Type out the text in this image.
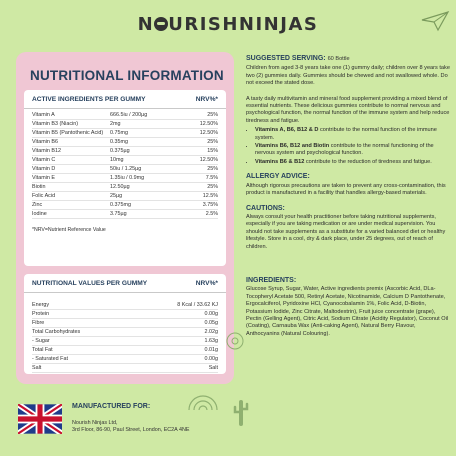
N URISHNINJAS
NUTRITIONAL INFORMATION
ACTIVE INGREDIENTS PER GUMMY	NRV%*
Vitamin A	666.5iu / 200µg	25%
Vitamin B3 (Niacin)	2mg	12.50%
Vitamin B5 (Pantothenic Acid)	0.75mg	12.50%
Vitamin B6	0.35mg	25%
Vitamin B12	0.375µg	15%
Vitamin C	10mg	12.50%
Vitamin D	50iu / 1.25µg	25%
Vitamin E	1.35iu / 0.9mg	7.5%
Biotin	12.50µg	25%
Folic Acid	25µg	12.5%
Zinc	0.375mg	3.75%
Iodine	3.75µg	2.5%
*NRV=Nutrient Reference Value
NUTRITIONAL VALUES PER GUMMY	NRV%*
Energy	8 Kcal / 33.62 KJ
Protein	0.00g
Fibre	0.05g
Total Carbohydrates	2.02g
- Sugar	1.63g
Total Fat	0.01g
- Saturated Fat	0.00g
Salt	Salt
SUGGESTED SERVING: 60 Bottle

Children from aged 3-8 years take one (1) gummy daily; children over 8 years take two (2) gummies daily. Gummies should be chewed and not swallowed whole. Do not exceed the stated dose.

A tasty daily multivitamin and mineral food supplement providing a mixed blend of essential nutrients. These delicious gummies contribute to normal nervous and psychological function, the normal function of the immune system and help reduce tiredness and fatigue.

• Vitamins A, B6, B12 & D contribute to the normal function of the immune system.
• Vitamins B6, B12 and Biotin contribute to the normal functioning of the nervous system and psychological function.
• Vitamins B6 & B12 contribute to the reduction of tiredness and fatigue.
ALLERGY ADVICE:

Although rigorous precautions are taken to prevent any cross-contamination, this product is manufactured in a facility that handles allergy-based materials.

CAUTIONS:

Always consult your health practitioner before taking nutritional supplements, especially if you are taking medication or are under medical supervision. You should not take supplements as a substitute for a varied balanced diet or healthy lifestyle. Store in a cool, dry & dark place, under 25 degrees, out of reach of children.

INGREDIENTS:

Glucose Syrup, Sugar, Water, Active ingredients premix (Ascorbic Acid, DLa-Tocopheryl Acetate 500, Retinyl Acetate, Nicotinamide, Calcium D Pantothenate, Ergocalciferol, Pyridoxine HCl, Cyanocobalamin 1%, Folic Acid, D-Biotin, Potassium Iodide, Zinc Citrate, Maltodextrin), Fruit juice concentrate (grape), Pectin (Gelling Agent), Citric Acid, Sodium Citrate (Acidity Regulator), Coconut Oil (Coating), Carnauba Wax (Anti-caking Agent), Natural Berry Flavour, Anthocyanins (Natural Colouring).

MANUFACTURED FOR:
Nourish Ninjas Ltd,
3rd Floor, 86-90, Paul Street, London, EC2A 4NE
